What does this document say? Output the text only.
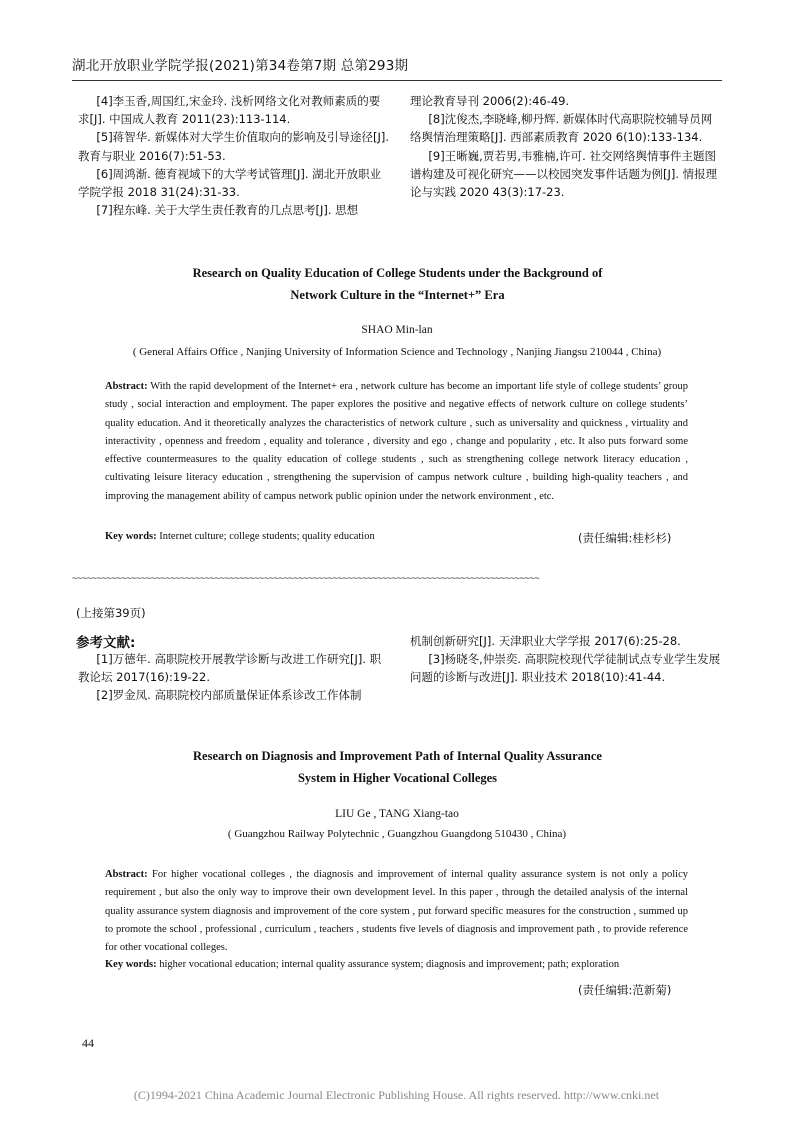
湖北开放职业学院学报(2021)第34卷第7期 总第293期

[4]李玉香,周国红,宋金玲. 浅析网络文化对教师素质的要求[J]. 中国成人教育 2011(23):113-114.

[5]蒋智华. 新媒体对大学生价值取向的影响及引导途径[J]. 教育与职业 2016(7):51-53.

[6]周鸿渐. 德育视域下的大学考试管理[J]. 湖北开放职业学院学报 2018 31(24):31-33.

[7]程东峰. 关于大学生责任教育的几点思考[J]. 思想

理论教育导刊 2006(2):46-49.

[8]沈俊杰,李晓峰,柳丹辉. 新媒体时代高职院校辅导员网络舆情治理策略[J]. 西部素质教育 2020 6(10):133-134.

[9]王晰巍,贾若男,韦雅楠,许可. 社交网络舆情事件主题图谱构建及可视化研究——以校园突发事件话题为例[J]. 情报理论与实践 2020 43(3):17-23.

Research on Quality Education of College Students under the Background of
Network Culture in the “Internet+” Era
SHAO Min-lan
( General Affairs Office , Nanjing University of Information Science and Technology , Nanjing Jiangsu 210044 , China)
Abstract: With the rapid development of the Internet+ era , network culture has become an important life style of college students’ group study , social interaction and employment. The paper explores the positive and negative effects of network culture on college students’ quality education. And it theoretically analyzes the characteristics of network culture , such as universality and quickness , virtuality and interactivity , openness and freedom , equality and tolerance , diversity and ego , change and popularity , etc. It also puts forward some effective countermeasures to the quality education of college students , such as strengthening college network literacy education , cultivating leisure literacy education , strengthening the supervision of campus network culture , building high-quality teachers , and improving the management ability of campus network public opinion under the network environment , etc.
Key words: Internet culture; college students; quality education	(责任编辑:桂杉杉)
~~~~~~~~~~~~~~~~~~~~~~~~~~~~~~~~~~~~~~~~~~~~~~~~~~~~~~~~~~~~~~~~~~~~~~~~~~~~~~~~~~~~~~~~~~~~~~~
(上接第39页)
参考文献:

[1]万德年. 高职院校开展教学诊断与改进工作研究[J]. 职教论坛 2017(16):19-22.

[2]罗金凤. 高职院校内部质量保证体系诊改工作体制

机制创新研究[J]. 天津职业大学学报 2017(6):25-28.

[3]杨晓冬,仲崇奕. 高职院校现代学徒制试点专业学生发展问题的诊断与改进[J]. 职业技术 2018(10):41-44.

Research on Diagnosis and Improvement Path of Internal Quality Assurance
System in Higher Vocational Colleges
LIU Ge , TANG Xiang-tao
( Guangzhou Railway Polytechnic , Guangzhou Guangdong 510430 , China)
Abstract: For higher vocational colleges , the diagnosis and improvement of internal quality assurance system is not only a policy requirement , but also the only way to improve their own development level. In this paper , through the detailed analysis of the internal quality assurance system diagnosis and improvement of the core system , put forward specific measures for the construction , summed up to promote the school , professional , curriculum , teachers , students five levels of diagnosis and improvement path , to provide reference for other vocational colleges.
Key words: higher vocational education; internal quality assurance system; diagnosis and improvement; path; exploration
(责任编辑:范新菊)
44
(C)1994-2021 China Academic Journal Electronic Publishing House. All rights reserved. http://www.cnki.net
